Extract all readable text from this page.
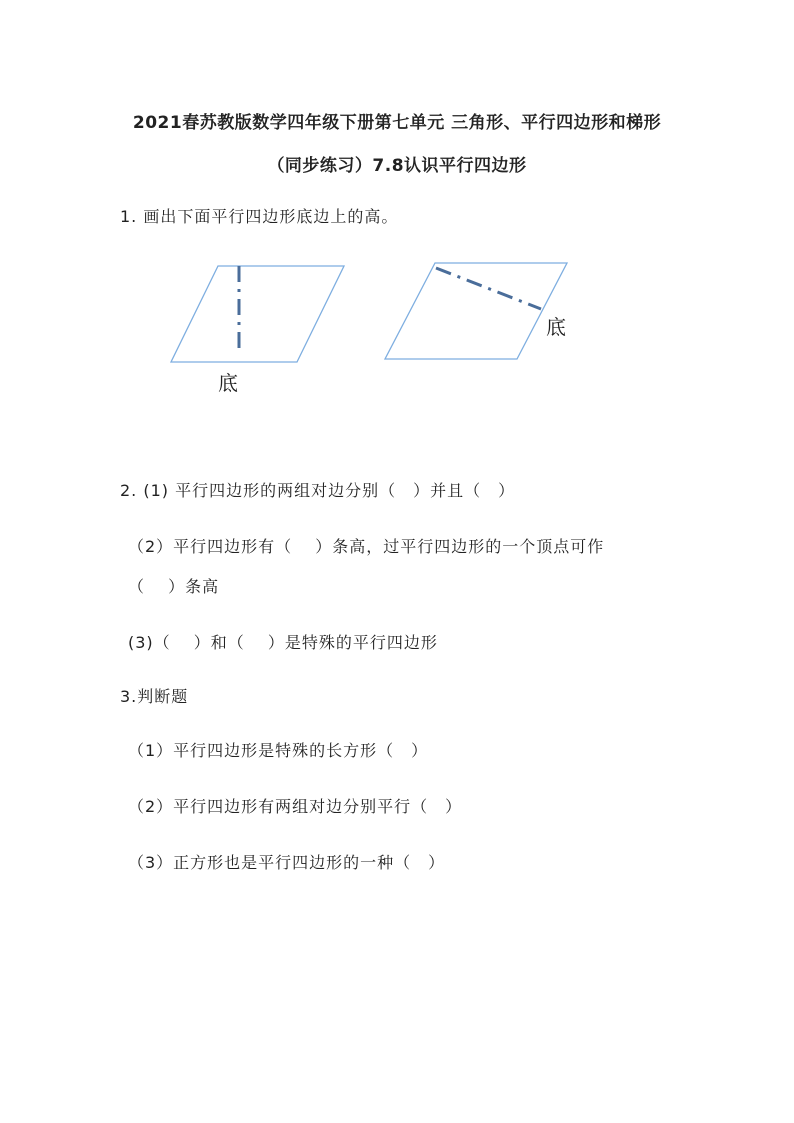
2021春苏教版数学四年级下册第七单元 三角形、平行四边形和梯形
（同步练习）7.8认识平行四边形
1. 画出下面平行四边形底边上的高。
底
底
2. (1) 平行四边形的两组对边分别（　）并且（　）
（2）平行四边形有（　 ）条高，过平行四边形的一个顶点可作
（　 ）条高
(3)（　 ）和（　 ）是特殊的平行四边形
3.判断题
（1）平行四边形是特殊的长方形（　）
（2）平行四边形有两组对边分别平行（　）
（3）正方形也是平行四边形的一种（　）
